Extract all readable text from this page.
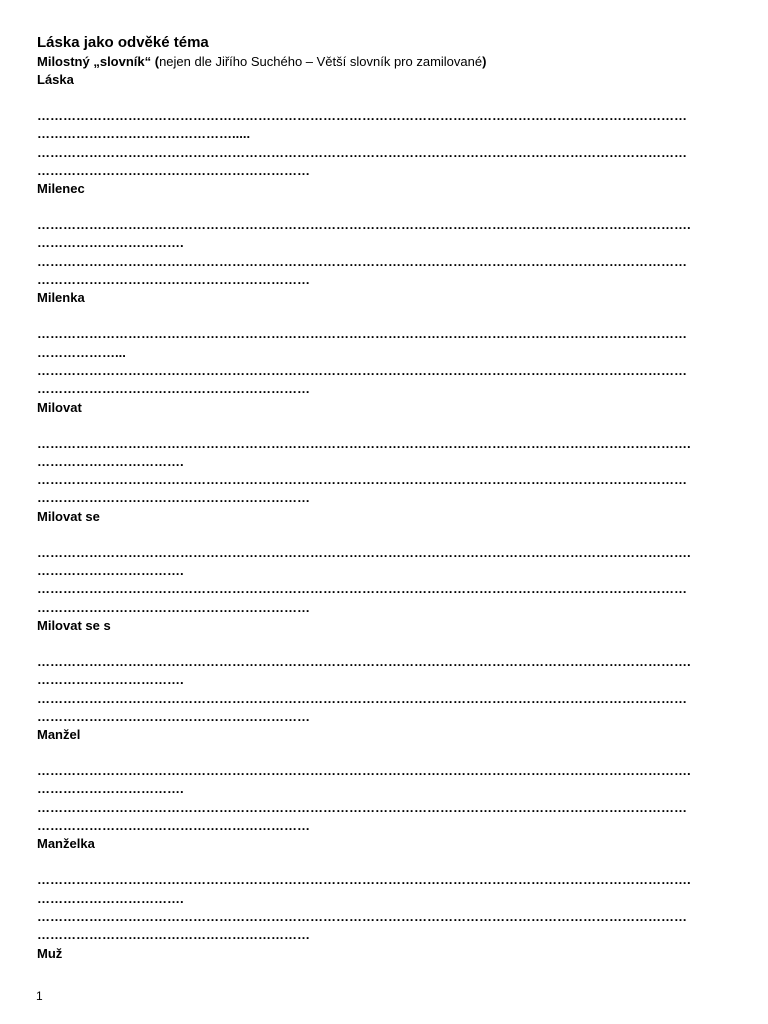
Láska jako odvěké téma

Milostný „slovník“ (nejen dle Jiřího Suchého – Větší slovník pro zamilované)

Láska

……………………………………………………………………………………………………………………………………
……………………………………….....
……………………………………………………………………………………………………………………………………
………………………………………………………

Milenec

…………………………………………………………………………………………………………………………………….
…………………………….
……………………………………………………………………………………………………………………………………
………………………………………………………

Milenka

……………………………………………………………………………………………………………………………………
………………...
……………………………………………………………………………………………………………………………………
………………………………………………………

Milovat

…………………………………………………………………………………………………………………………………….
…………………………….
……………………………………………………………………………………………………………………………………
………………………………………………………

Milovat se

…………………………………………………………………………………………………………………………………….
…………………………….
……………………………………………………………………………………………………………………………………
………………………………………………………

Milovat se s

…………………………………………………………………………………………………………………………………….
…………………………….
……………………………………………………………………………………………………………………………………
………………………………………………………

Manžel

…………………………………………………………………………………………………………………………………….
…………………………….
……………………………………………………………………………………………………………………………………
………………………………………………………

Manželka

…………………………………………………………………………………………………………………………………….
…………………………….
……………………………………………………………………………………………………………………………………
………………………………………………………

Muž

1
